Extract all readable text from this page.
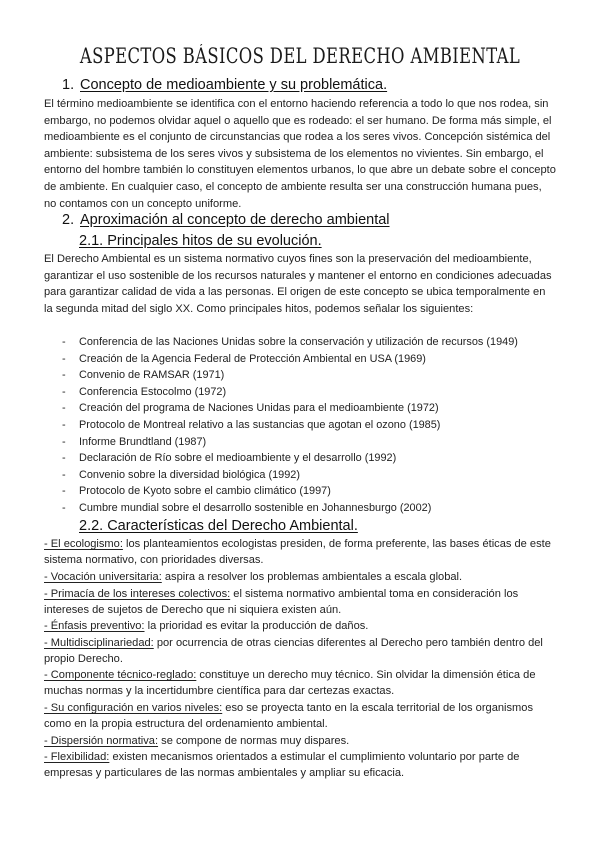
ASPECTOS BÁSICOS DEL DERECHO AMBIENTAL
1. Concepto de medioambiente y su problemática.
El término medioambiente se identifica con el entorno haciendo referencia a todo lo que nos rodea, sin embargo, no podemos olvidar aquel o aquello que es rodeado: el ser humano. De forma más simple, el medioambiente es el conjunto de circunstancias que rodea a los seres vivos. Concepción sistémica del ambiente: subsistema de los seres vivos y subsistema de los elementos no vivientes. Sin embargo, el entorno del hombre también lo constituyen elementos urbanos, lo que abre un debate sobre el concepto de ambiente. En cualquier caso, el concepto de ambiente resulta ser una construcción humana pues, no contamos con un concepto uniforme.
2. Aproximación al concepto de derecho ambiental
2.1. Principales hitos de su evolución.
El Derecho Ambiental es un sistema normativo cuyos fines son la preservación del medioambiente, garantizar el uso sostenible de los recursos naturales y mantener el entorno en condiciones adecuadas para garantizar calidad de vida a las personas. El origen de este concepto se ubica temporalmente en la segunda mitad del siglo XX. Como principales hitos, podemos señalar los siguientes:
- Conferencia de las Naciones Unidas sobre la conservación y utilización de recursos (1949)
- Creación de la Agencia Federal de Protección Ambiental en USA (1969)
- Convenio de RAMSAR (1971)
- Conferencia Estocolmo (1972)
- Creación del programa de Naciones Unidas para el medioambiente (1972)
- Protocolo de Montreal relativo a las sustancias que agotan el ozono (1985)
- Informe Brundtland (1987)
- Declaración de Río sobre el medioambiente y el desarrollo (1992)
- Convenio sobre la diversidad biológica (1992)
- Protocolo de Kyoto sobre el cambio climático (1997)
- Cumbre mundial sobre el desarrollo sostenible en Johannesburgo (2002)
2.2. Características del Derecho Ambiental.
- El ecologismo: los planteamientos ecologistas presiden, de forma preferente, las bases éticas de este sistema normativo, con prioridades diversas.
- Vocación universitaria: aspira a resolver los problemas ambientales a escala global.
- Primacía de los intereses colectivos: el sistema normativo ambiental toma en consideración los intereses de sujetos de Derecho que ni siquiera existen aún.
- Énfasis preventivo: la prioridad es evitar la producción de daños.
- Multidisciplinariedad: por ocurrencia de otras ciencias diferentes al Derecho pero también dentro del propio Derecho.
- Componente técnico-reglado: constituye un derecho muy técnico. Sin olvidar la dimensión ética de muchas normas y la incertidumbre científica para dar certezas exactas.
- Su configuración en varios niveles: eso se proyecta tanto en la escala territorial de los organismos como en la propia estructura del ordenamiento ambiental.
- Dispersión normativa: se compone de normas muy dispares.
- Flexibilidad: existen mecanismos orientados a estimular el cumplimiento voluntario por parte de empresas y particulares de las normas ambientales y ampliar su eficacia.
